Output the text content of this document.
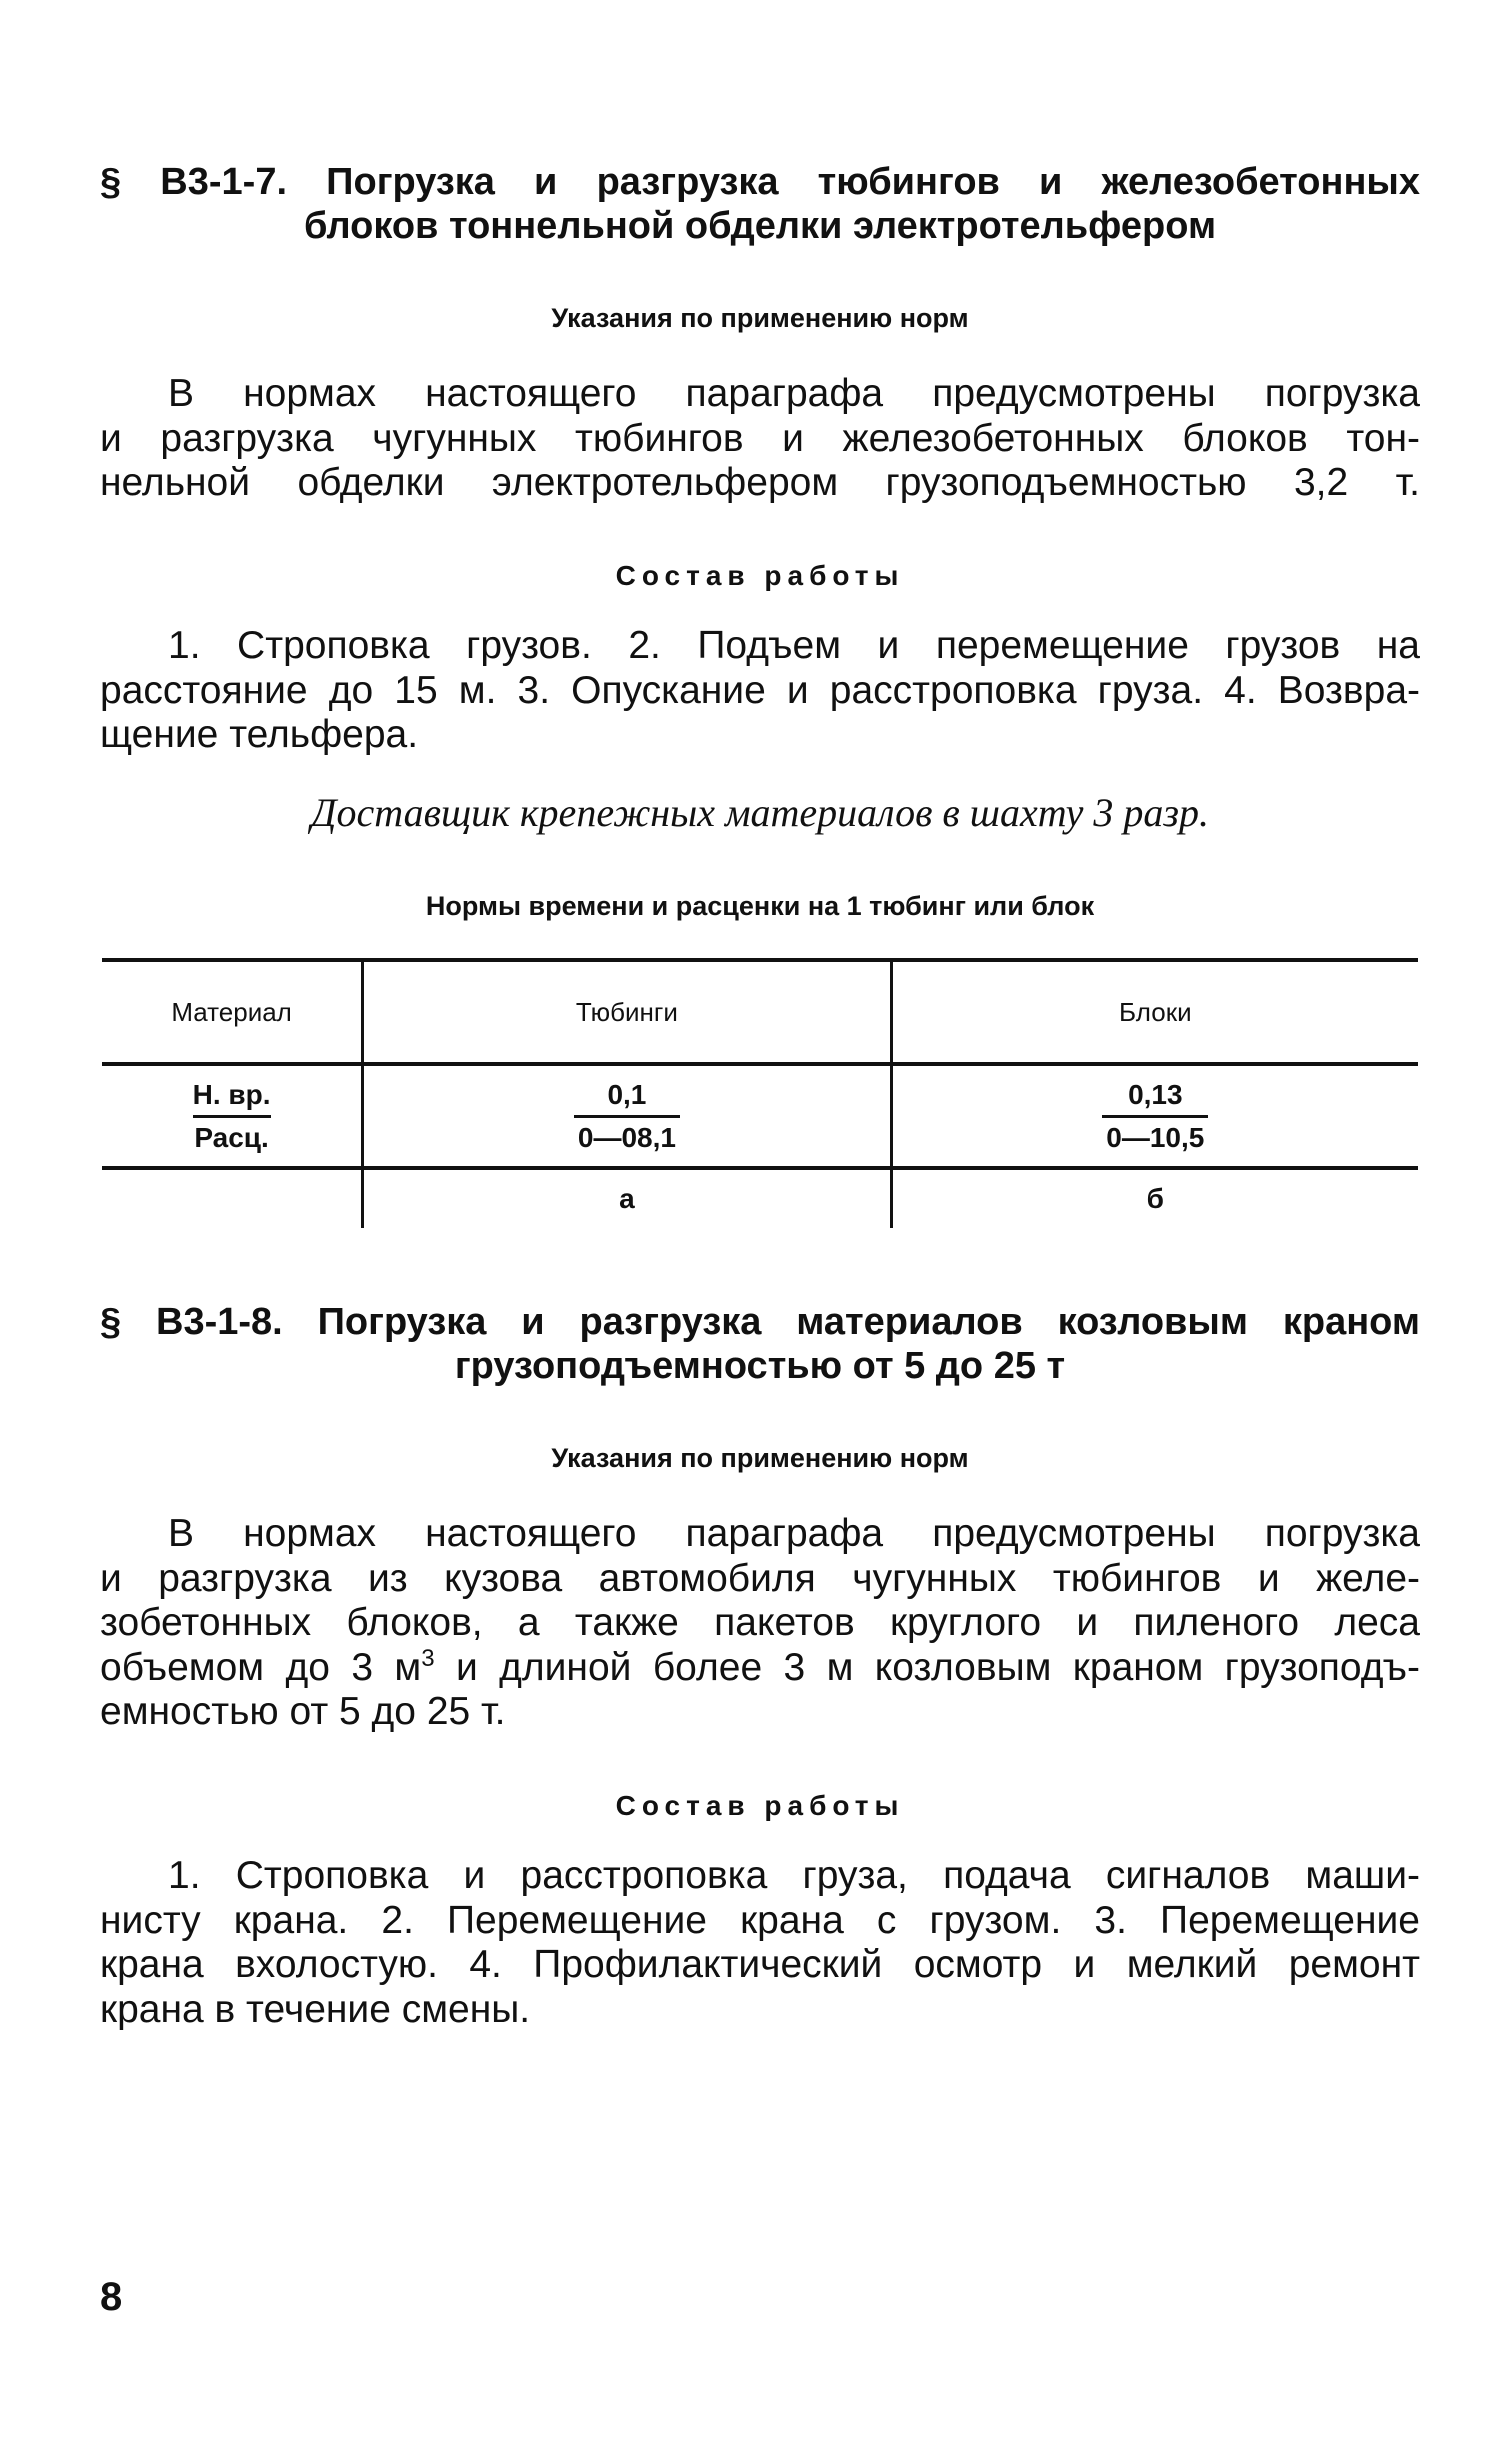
§ В3-1-7. Погрузка и разгрузка тюбингов и железобетонных
блоков тоннельной обделки электротельфером
Указания по применению норм
В нормах настоящего параграфа предусмотрены погрузка
и разгрузка чугунных тюбингов и железобетонных блоков тон-
нельной обделки электротельфером грузоподъемностью 3,2 т.
Состав работы
1. Строповка грузов. 2. Подъем и перемещение грузов на
расстояние до 15 м. 3. Опускание и расстроповка груза. 4. Возвра-
щение тельфера.
Доставщик крепежных материалов в шахту 3 разр.
Нормы времени и расценки на 1 тюбинг или блок
Материал	Тюбинги	Блоки

$\frac{Н. вр.}{\text{Расц.}}$	$\frac{0,1}{0—08,1}$	$\frac{0,13}{0—10,5}$

	а	б
§ В3-1-8. Погрузка и разгрузка материалов козловым краном
грузоподъемностью от 5 до 25 т
Указания по применению норм
В нормах настоящего параграфа предусмотрены погрузка
и разгрузка из кузова автомобиля чугунных тюбингов и желе-
зобетонных блоков, а также пакетов круглого и пиленого леса
объемом до 3 $м^3$ и длиной более 3 м козловым краном грузоподъ-
емностью от 5 до 25 т.
Состав работы
1. Строповка и расстроповка груза, подача сигналов маши-
нисту крана. 2. Перемещение крана с грузом. 3. Перемещение
крана вхолостую. 4. Профилактический осмотр и мелкий ремонт
крана в течение смены.
8
